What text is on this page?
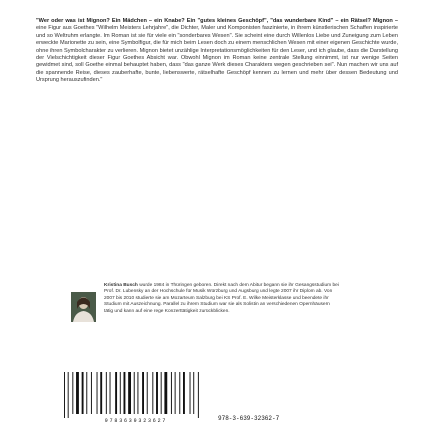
"Wer oder was ist Mignon? Ein Mädchen – ein Knabe? Ein "gutes kleines Geschöpf", "das wunderbare Kind" – ein Rätsel? Mignon – eine Figur aus Goethes "Wilhelm Meisters Lehrjahre", die Dichter, Maler und Komponisten faszinierte, in ihrem künstlerischen Schaffen inspirierte und so Weltruhm erlangte. Im Roman ist sie für viele ein "sonderbares Wesen". Sie scheint eine durch Willenlos Liebe und Zuneigung zum Leben erweckte Marionette zu sein, eine Symbolfigur, die für mich beim Lesen doch zu einem menschlichen Wesen mit einer eigenen Geschichte wurde, ohne ihren Symbolcharakter zu verlieren. Mignon bietet unzählige Interpretationsmöglichkeiten für den Leser, und ich glaube, dass die Darstellung der Vielschichtigkeit dieser Figur Goethes Absicht war. Obwohl Mignon im Roman keine zentrale Stellung einnimmt, ist nur wenige Seiten gewidmet sind, soll Goethe einmal behauptet haben, dass "das ganze Werk dieses Charakters wegen geschrieben sei". Nun machen wir uns auf die spannende Reise, dieses zauberhafte, bunte, liebenswerte, rätselhafte Geschöpf kennen zu lernen und mehr über dessen Bedeutung und Ursprung herauszufinden."
Kristina Busch wurde 1984 in Thüringen geboren. Direkt nach dem Abitur begann sie ihr Gesangsstudium bei Prof. Dr. Lubensky an der Hochschule für Musik Würzburg und Augsburg und legte 2007 ihr Diplom ab. Von 2007 bis 2010 studierte sie am Mozarteum Salzburg bei KS Prof. E. Wilke Meisterklasse und beendete ihr Studium mit Auszeichnung. Parallel zu ihrem Studium war sie als Solistin an verschiedenen Opernhäusern tätig und kann auf eine rege Konzerttätigkeit zurückblicken.
9783639323627	978-3-639-32362-7
